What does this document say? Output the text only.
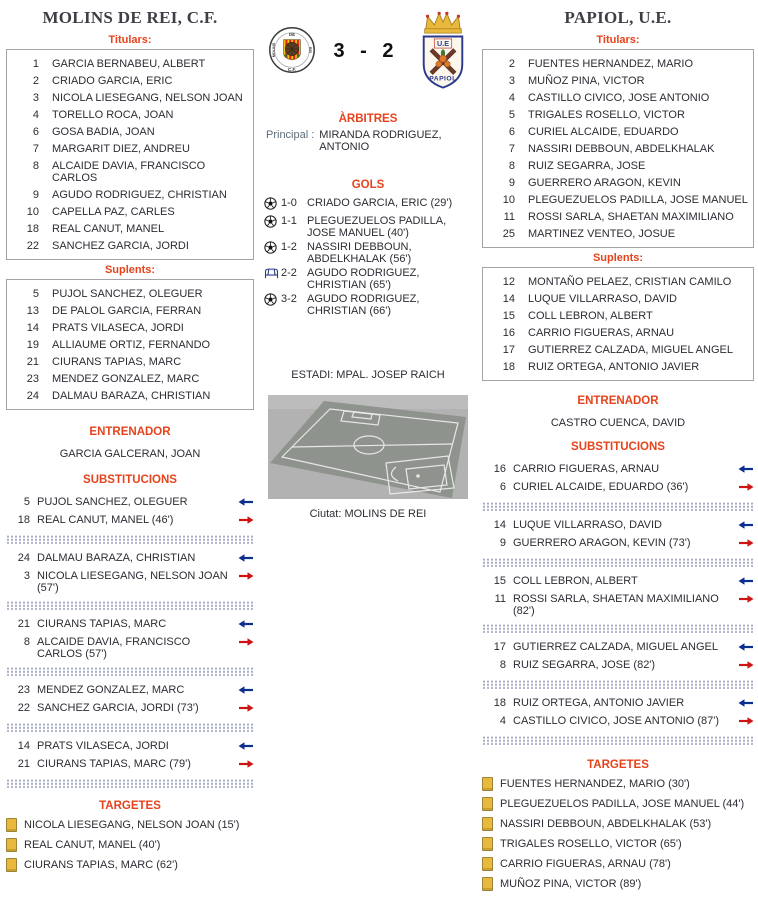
MOLINS DE REI, C.F.
Titulars:
1	GARCIA BERNABEU, ALBERT
2	CRIADO GARCIA, ERIC
3	NICOLA LIESEGANG, NELSON JOAN
4	TORELLO ROCA, JOAN
6	GOSA BADIA, JOAN
7	MARGARIT DIEZ, ANDREU
8	ALCAIDE DAVIA, FRANCISCO CARLOS
9	AGUDO RODRIGUEZ, CHRISTIAN
10	CAPELLA PAZ, CARLES
18	REAL CANUT, MANEL
22	SANCHEZ GARCIA, JORDI
Suplents:
5	PUJOL SANCHEZ, OLEGUER
13	DE PALOL GARCIA, FERRAN
14	PRATS VILASECA, JORDI
19	ALLIAUME ORTIZ, FERNANDO
21	CIURANS TAPIAS, MARC
23	MENDEZ GONZALEZ, MARC
24	DALMAU BARAZA, CHRISTIAN
ENTRENADOR
GARCIA GALCERAN, JOAN
SUBSTITUCIONS
5 PUJOL SANCHEZ, OLEGUER
18 REAL CANUT, MANEL (46')
24 DALMAU BARAZA, CHRISTIAN
3 NICOLA LIESEGANG, NELSON JOAN (57')
21 CIURANS TAPIAS, MARC
8 ALCAIDE DAVIA, FRANCISCO CARLOS (57')
23 MENDEZ GONZALEZ, MARC
22 SANCHEZ GARCIA, JORDI (73')
14 PRATS VILASECA, JORDI
21 CIURANS TAPIAS, MARC (79')
TARGETES
NICOLA LIESEGANG, NELSON JOAN (15')
REAL CANUT, MANEL (40')
CIURANS TAPIAS, MARC (62')
DE
C.F.
MOLINS	REI 3 - 2	U.E
PAPIOL
ÀRBITRES
Principal : MIRANDA RODRIGUEZ, ANTONIO
GOLS
1-0 CRIADO GARCIA, ERIC (29')
1-1 PLEGUEZUELOS PADILLA, JOSE MANUEL (40')
1-2 NASSIRI DEBBOUN, ABDELKHALAK (56')
2-2 AGUDO RODRIGUEZ, CHRISTIAN (65')
3-2 AGUDO RODRIGUEZ, CHRISTIAN (66')
ESTADI: MPAL. JOSEP RAICH
Ciutat: MOLINS DE REI
PAPIOL, U.E.
Titulars:
2	FUENTES HERNANDEZ, MARIO
3	MUÑOZ PINA, VICTOR
4	CASTILLO CIVICO, JOSE ANTONIO
5	TRIGALES ROSELLO, VICTOR
6	CURIEL ALCAIDE, EDUARDO
7	NASSIRI DEBBOUN, ABDELKHALAK
8	RUIZ SEGARRA, JOSE
9	GUERRERO ARAGON, KEVIN
10	PLEGUEZUELOS PADILLA, JOSE MANUEL
11	ROSSI SARLA, SHAETAN MAXIMILIANO
25	MARTINEZ VENTEO, JOSUE
Suplents:
12	MONTAÑO PELAEZ, CRISTIAN CAMILO
14	LUQUE VILLARRASO, DAVID
15	COLL LEBRON, ALBERT
16	CARRIO FIGUERAS, ARNAU
17	GUTIERREZ CALZADA, MIGUEL ANGEL
18	RUIZ ORTEGA, ANTONIO JAVIER
ENTRENADOR
CASTRO CUENCA, DAVID
SUBSTITUCIONS
16 CARRIO FIGUERAS, ARNAU
6 CURIEL ALCAIDE, EDUARDO (36')
14 LUQUE VILLARRASO, DAVID
9 GUERRERO ARAGON, KEVIN (73')
15 COLL LEBRON, ALBERT
11 ROSSI SARLA, SHAETAN MAXIMILIANO (82')
17 GUTIERREZ CALZADA, MIGUEL ANGEL
8 RUIZ SEGARRA, JOSE (82')
18 RUIZ ORTEGA, ANTONIO JAVIER
4 CASTILLO CIVICO, JOSE ANTONIO (87')
TARGETES
FUENTES HERNANDEZ, MARIO (30')
PLEGUEZUELOS PADILLA, JOSE MANUEL (44')
NASSIRI DEBBOUN, ABDELKHALAK (53')
TRIGALES ROSELLO, VICTOR (65')
CARRIO FIGUERAS, ARNAU (78')
MUÑOZ PINA, VICTOR (89')
